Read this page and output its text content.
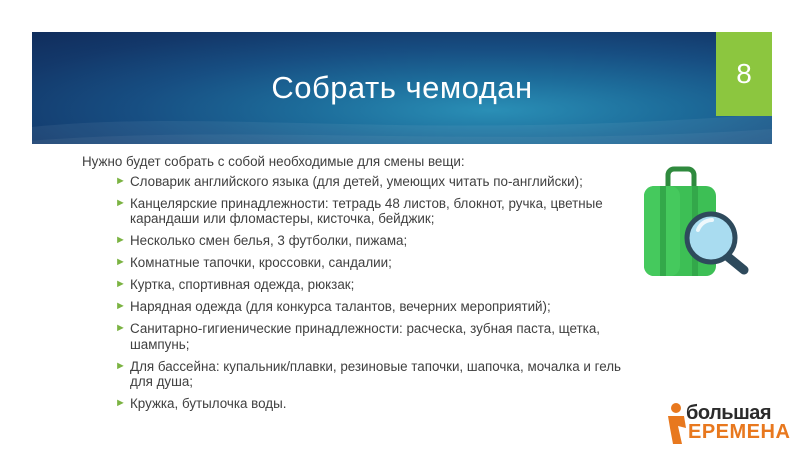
Собрать чемодан	8

Нужно будет собрать с собой необходимые для смены вещи:

► Словарик английского языка (для детей, умеющих читать по-английски);
► Канцелярские принадлежности: тетрадь 48 листов, блокнот, ручка, цветные карандаши или фломастеры, кисточка, бейджик;
► Несколько смен белья, 3 футболки, пижама;
► Комнатные тапочки, кроссовки, сандалии;
► Куртка, спортивная одежда, рюкзак;
► Нарядная одежда (для конкурса талантов, вечерних мероприятий);
► Санитарно-гигиенические принадлежности: расческа, зубная паста, щетка, шампунь;
► Для бассейна: купальник/плавки, резиновые тапочки, шапочка, мочалка и гель для душа;
► Кружка, бутылочка воды.	большая
ЕРЕМЕНА
